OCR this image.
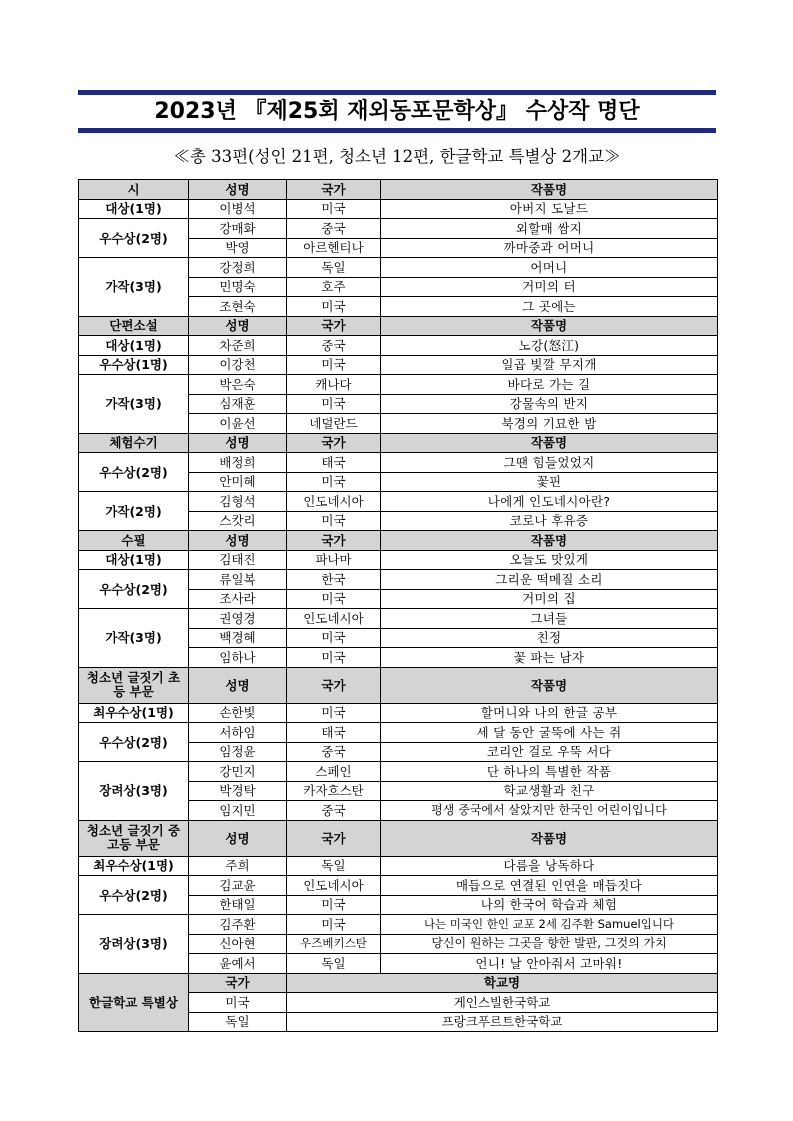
2023년 『제25회 재외동포문학상』 수상작 명단
≪총 33편(성인 21편, 청소년 12편, 한글학교 특별상 2개교≫
시	성명	국가	작품명
대상(1명)	이병석	미국	아버지 도날드
우수상(2명)	강매화	중국	외할매 쌈지
	박영	아르헨티나	까마중과 어머니
가작(3명)	강정희	독일	어머니
	민명숙	호주	거미의 터
	조현숙	미국	그 곳에는
단편소설	성명	국가	작품명
대상(1명)	차준희	중국	노강(怒江)
우수상(1명)	이강천	미국	일곱 빛깔 무지개
가작(3명)	박은숙	캐나다	바다로 가는 길
	심재훈	미국	강물속의 반지
	이윤선	네덜란드	북경의 기묘한 밤
체험수기	성명	국가	작품명
우수상(2명)	배정희	태국	그땐 힘들었었지
	안미혜	미국	꽃핀
가작(2명)	김형석	인도네시아	나에게 인도네시아란?
	스캇리	미국	코로나 후유증
수필	성명	국가	작품명
대상(1명)	김태진	파나마	오늘도 맛있게
우수상(2명)	류일복	한국	그리운 떡메질 소리
	조사라	미국	거미의 집
가작(3명)	권영경	인도네시아	그녀들
	백경혜	미국	친정
	임하나	미국	꽃 파는 남자
청소년 글짓기 초등 부문	성명	국가	작품명
최우수상(1명)	손한빛	미국	할머니와 나의 한글 공부
우수상(2명)	서하임	태국	세 달 동안 굴뚝에 사는 쥐
	임정윤	중국	코리안 걸로 우뚝 서다
장려상(3명)	강민지	스페인	단 하나의 특별한 작품
	박경탁	카자흐스탄	학교생활과 친구
	임지민	중국	평생 중국에서 살았지만 한국인 어린이입니다
청소년 글짓기 중고등 부문	성명	국가	작품명
최우수상(1명)	주희	독일	다름을 낭독하다
우수상(2명)	김교윤	인도네시아	매듭으로 연결된 인연을 매듭짓다
	한태일	미국	나의 한국어 학습과 체험
장려상(3명)	김주환	미국	나는 미국인 한인 교포 2세 김주환 Samuel입니다
	신아현	우즈베키스탄	당신이 원하는 그곳을 향한 발판, 그것의 가치
	윤예서	독일	언니! 날 안아줘서 고마워!
한글학교 특별상	국가	학교명	
	미국	게인스빌한국학교	
	독일	프랑크푸르트한국학교	
